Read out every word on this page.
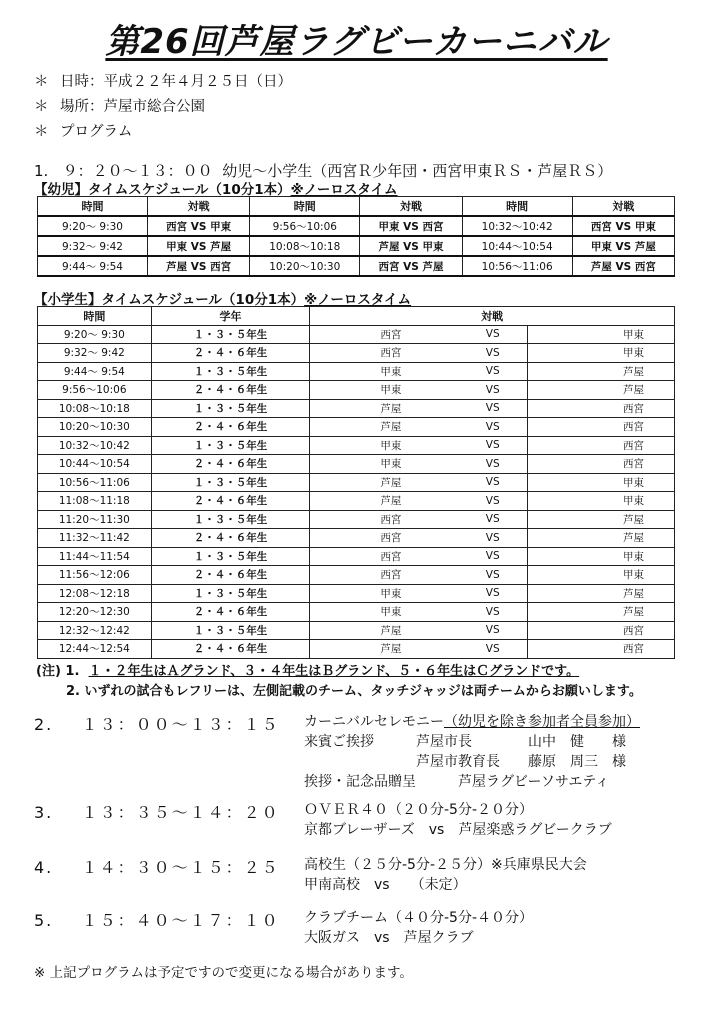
第26回芦屋ラグビーカーニバル
＊ 日時：平成２２年４月２５日（日）
＊ 場所：芦屋市総合公園
＊ プログラム
1. ９：２０～１３：００ 幼児～小学生（西宮Ｒ少年団・西宮甲東ＲＳ・芦屋ＲＳ）
【幼児】タイムスケジュール（10分1本）※ノーロスタイム
時間	対戦	時間	対戦	時間	対戦
9:20～ 9:30	西宮 VS 甲東	9:56～10:06	甲東 VS 西宮	10:32～10:42	西宮 VS 甲東
9:32～ 9:42	甲東 VS 芦屋	10:08～10:18	芦屋 VS 甲東	10:44～10:54	甲東 VS 芦屋
9:44～ 9:54	芦屋 VS 西宮	10:20～10:30	西宮 VS 芦屋	10:56～11:06	芦屋 VS 西宮
【小学生】タイムスケジュール（10分1本）※ノーロスタイム
時間	学年	対戦		
9:20～ 9:30	１・３・５年生	西宮	VS	甲東
9:32～ 9:42	２・４・６年生	西宮	VS	甲東
9:44～ 9:54	１・３・５年生	甲東	VS	芦屋
9:56～10:06	２・４・６年生	甲東	VS	芦屋
10:08～10:18	１・３・５年生	芦屋	VS	西宮
10:20～10:30	２・４・６年生	芦屋	VS	西宮
10:32～10:42	１・３・５年生	甲東	VS	西宮
10:44～10:54	２・４・６年生	甲東	VS	西宮
10:56～11:06	１・３・５年生	芦屋	VS	甲東
11:08～11:18	２・４・６年生	芦屋	VS	甲東
11:20～11:30	１・３・５年生	西宮	VS	芦屋
11:32～11:42	２・４・６年生	西宮	VS	芦屋
11:44～11:54	１・３・５年生	西宮	VS	甲東
11:56～12:06	２・４・６年生	西宮	VS	甲東
12:08～12:18	１・３・５年生	甲東	VS	芦屋
12:20～12:30	２・４・６年生	甲東	VS	芦屋
12:32～12:42	１・３・５年生	芦屋	VS	西宮
12:44～12:54	２・４・６年生	芦屋	VS	西宮
(注) 1. １・２年生はＡグランド、３・４年生はＢグランド、５・６年生はＣグランドです。
2. いずれの試合もレフリーは、左側記載のチーム、タッチジャッジは両チームからお願いします。
2. １３：００～１３：１５ カーニバルセレモニー（幼児を除き参加者全員参加）
来賓ご挨拶　　　芦屋市長　　　　山中　健　　様
　　　　　　　　芦屋市教育長　　藤原　周三　様
挨拶・記念品贈呈　　　芦屋ラグビーソサエティ
3. １３：３５～１４：２０ ＯＶＥＲ４０（２０分-5分-２０分）
京都ブレーザーズ　vs　芦屋楽惑ラグビークラブ
4. １４：３０～１５：２５ 高校生（２５分-5分-２５分）※兵庫県民大会
甲南高校　vs　　（未定）
5. １５：４０～１７：１０ クラブチーム（４０分-5分-４０分）
大阪ガス　vs　芦屋クラブ
※ 上記プログラムは予定ですので変更になる場合があります。
